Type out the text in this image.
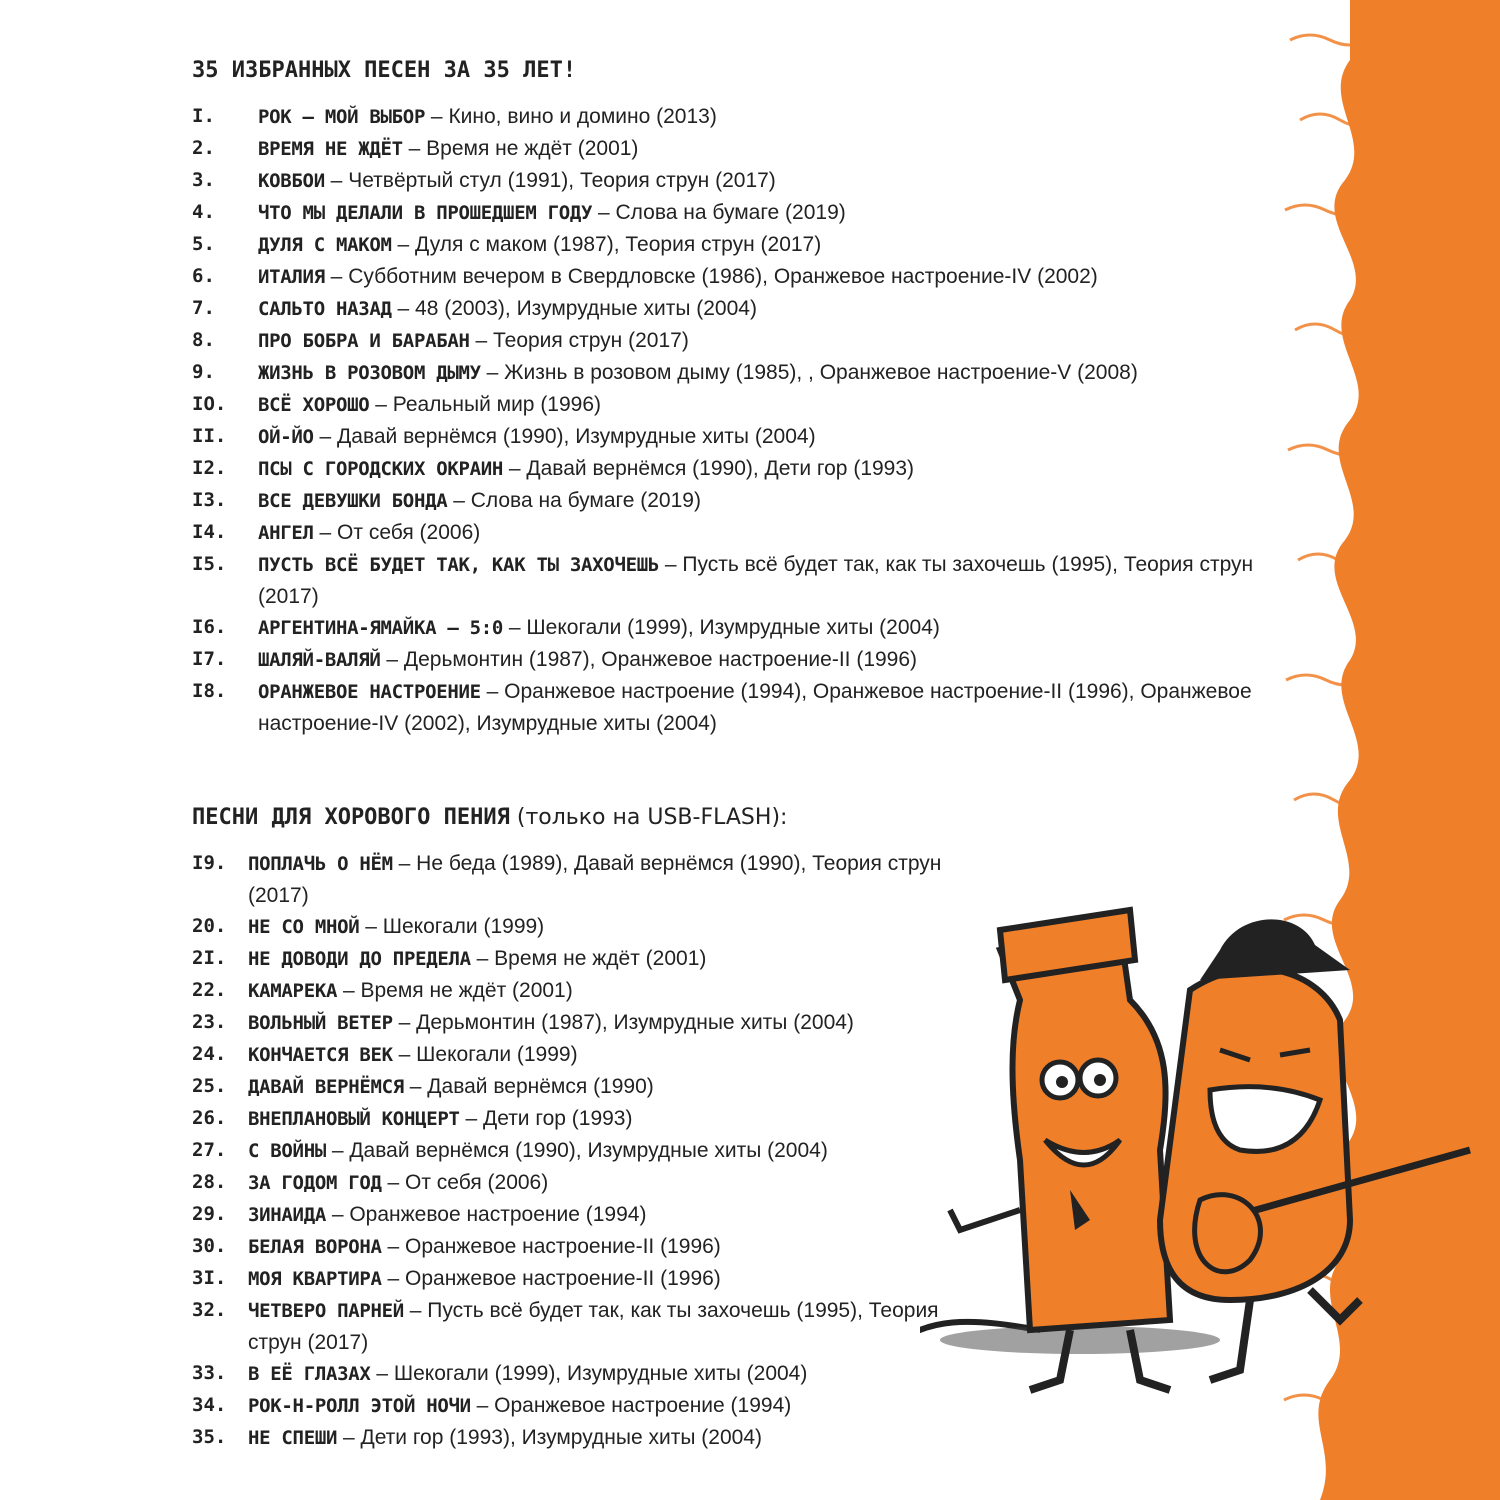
35 ИЗБРАННЫХ ПЕСЕН ЗА 35 ЛЕТ!
I.	РОК — МОЙ ВЫБОР – Кино, вино и домино (2013)
2.	ВРЕМЯ НЕ ЖДЁТ – Время не ждёт (2001)
3.	КОВБОИ – Четвёртый стул (1991), Теория струн (2017)
4.	ЧТО МЫ ДЕЛАЛИ В ПРОШЕДШЕМ ГОДУ – Слова на бумаге (2019)
5.	ДУЛЯ С МАКОМ – Дуля с маком (1987), Теория струн (2017)
6.	ИТАЛИЯ – Субботним вечером в Свердловске (1986), Оранжевое настроение-IV (2002)
7.	САЛЬТО НАЗАД – 48 (2003), Изумрудные хиты (2004)
8.	ПРО БОБРА И БАРАБАН – Теория струн (2017)
9.	ЖИЗНЬ В РОЗОВОМ ДЫМУ – Жизнь в розовом дыму (1985), , Оранжевое настроение-V (2008)
IO.	ВСЁ ХОРОШО – Реальный мир (1996)
II.	ОЙ-ЙО – Давай вернёмся (1990), Изумрудные хиты (2004)
I2.	ПСЫ С ГОРОДСКИХ ОКРАИН – Давай вернёмся (1990), Дети гор (1993)
I3.	ВСЕ ДЕВУШКИ БОНДА – Слова на бумаге (2019)
I4.	АНГЕЛ – От себя (2006)
I5.	ПУСТЬ ВСЁ БУДЕТ ТАК, КАК ТЫ ЗАХОЧЕШЬ – Пусть всё будет так, как ты захочешь (1995), Теория струн (2017)
I6.	АРГЕНТИНА-ЯМАЙКА — 5:0 – Шекогали (1999), Изумрудные хиты (2004)
I7.	ШАЛЯЙ-ВАЛЯЙ – Дерьмонтин (1987), Оранжевое настроение-II (1996)
I8.	ОРАНЖЕВОЕ НАСТРОЕНИЕ – Оранжевое настроение (1994), Оранжевое настроение-II (1996), Оранжевое настроение-IV (2002), Изумрудные хиты (2004)
ПЕСНИ ДЛЯ ХОРОВОГО ПЕНИЯ (только на USB-FLASH):
I9.	ПОПЛАЧЬ О НЁМ – Не беда (1989), Давай вернёмся (1990), Теория струн (2017)
20.	НЕ СО МНОЙ – Шекогали (1999)
2I.	НЕ ДОВОДИ ДО ПРЕДЕЛА – Время не ждёт (2001)
22.	КАМАРЕКА – Время не ждёт (2001)
23.	ВОЛЬНЫЙ ВЕТЕР – Дерьмонтин (1987), Изумрудные хиты (2004)
24.	КОНЧАЕТСЯ ВЕК – Шекогали (1999)
25.	ДАВАЙ ВЕРНЁМСЯ – Давай вернёмся (1990)
26.	ВНЕПЛАНОВЫЙ КОНЦЕРТ – Дети гор (1993)
27.	С ВОЙНЫ – Давай вернёмся (1990), Изумрудные хиты (2004)
28.	ЗА ГОДОМ ГОД – От себя (2006)
29.	ЗИНАИДА – Оранжевое настроение (1994)
30.	БЕЛАЯ ВОРОНА – Оранжевое настроение-II (1996)
3I.	МОЯ КВАРТИРА – Оранжевое настроение-II (1996)
32.	ЧЕТВЕРО ПАРНЕЙ – Пусть всё будет так, как ты захочешь (1995), Теория струн (2017)
33.	В ЕЁ ГЛАЗАХ – Шекогали (1999), Изумрудные хиты (2004)
34.	РОК-Н-РОЛЛ ЭТОЙ НОЧИ – Оранжевое настроение (1994)
35.	НЕ СПЕШИ – Дети гор (1993), Изумрудные хиты (2004)
